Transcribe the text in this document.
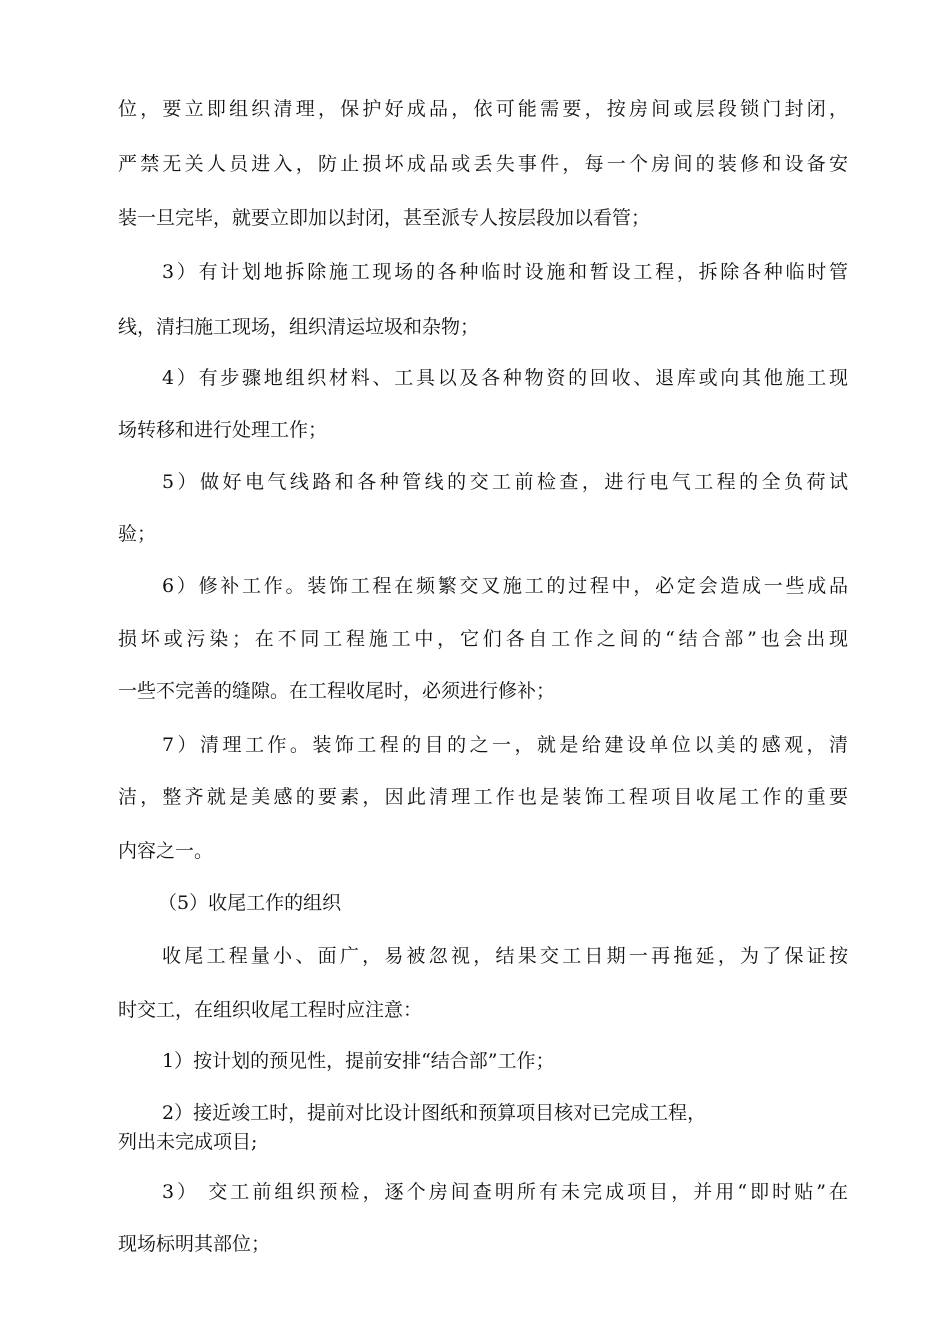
位，要立即组织清理，保护好成品，依可能需要，按房间或层段锁门封闭，
严禁无关人员进入，防止损坏成品或丢失事件，每一个房间的装修和设备安
装一旦完毕，就要立即加以封闭，甚至派专人按层段加以看管；
3）有计划地拆除施工现场的各种临时设施和暂设工程，拆除各种临时管
线，清扫施工现场，组织清运垃圾和杂物；
4）有步骤地组织材料、工具以及各种物资的回收、退库或向其他施工现
场转移和进行处理工作；
5）做好电气线路和各种管线的交工前检查，进行电气工程的全负荷试
验；
6）修补工作。装饰工程在频繁交叉施工的过程中，必定会造成一些成品
损坏或污染；在不同工程施工中，它们各自工作之间的“结合部”也会出现
一些不完善的缝隙。在工程收尾时，必须进行修补；
7）清理工作。装饰工程的目的之一，就是给建设单位以美的感观，清
洁，整齐就是美感的要素，因此清理工作也是装饰工程项目收尾工作的重要
内容之一。
（5）收尾工作的组织
收尾工程量小、面广，易被忽视，结果交工日期一再拖延，为了保证按
时交工，在组织收尾工程时应注意：
1）按计划的预见性，提前安排“结合部”工作；
2）接近竣工时，提前对比设计图纸和预算项目核对已完成工程，
列出未完成项目;
3） 交工前组织预检，逐个房间查明所有未完成项目，并用“即时贴”在
现场标明其部位；
